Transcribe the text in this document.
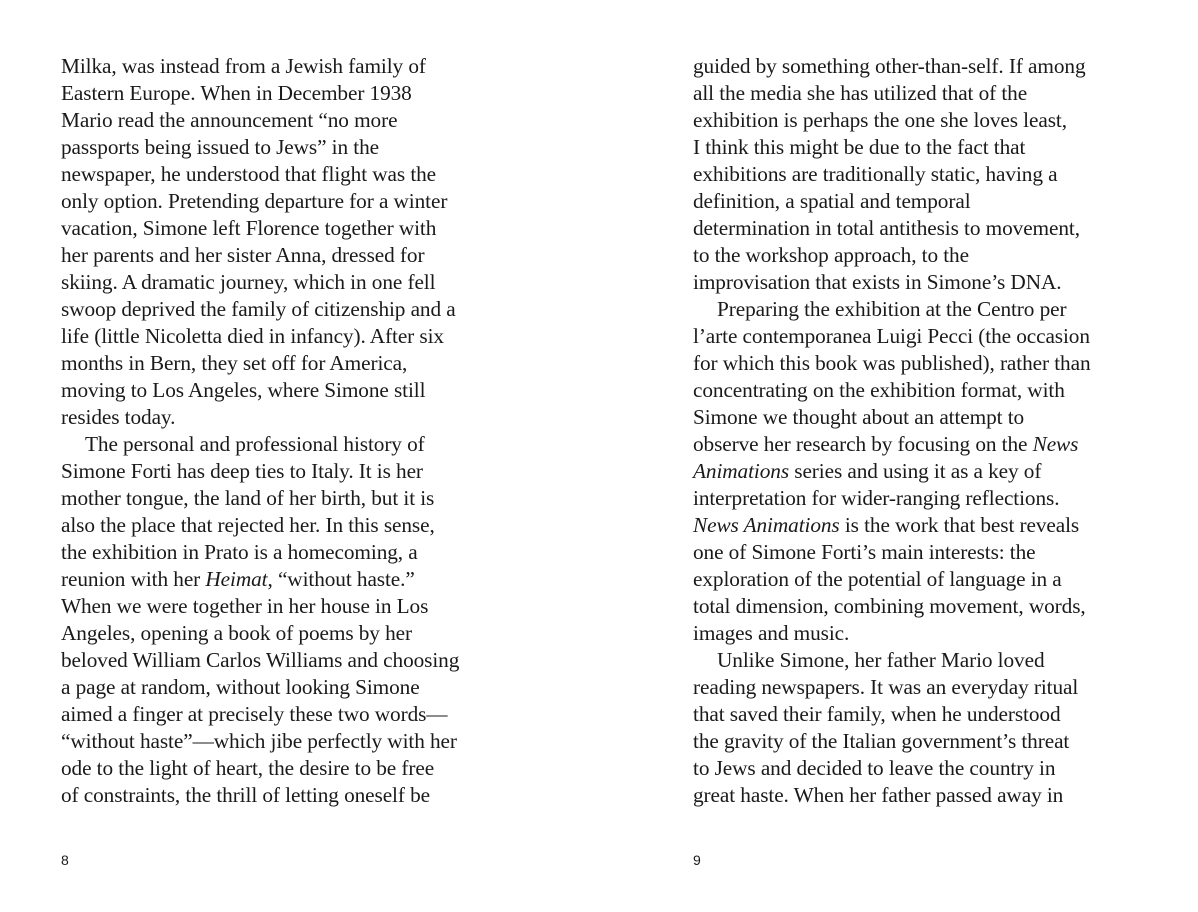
Milka, was instead from a Jewish family of
Eastern Europe. When in December 1938
Mario read the announcement “no more
passports being issued to Jews” in the
newspaper, he understood that flight was the
only option. Pretending departure for a winter
vacation, Simone left Florence together with
her parents and her sister Anna, dressed for
skiing. A dramatic journey, which in one fell
swoop deprived the family of citizenship and a
life (little Nicoletta died in infancy). After six
months in Bern, they set off for America,
moving to Los Angeles, where Simone still
resides today.
The personal and professional history of
Simone Forti has deep ties to Italy. It is her
mother tongue, the land of her birth, but it is
also the place that rejected her. In this sense,
the exhibition in Prato is a homecoming, a
reunion with her Heimat, “without haste.”
When we were together in her house in Los
Angeles, opening a book of poems by her
beloved William Carlos Williams and choosing
a page at random, without looking Simone
aimed a finger at precisely these two words—
“without haste”—which jibe perfectly with her
ode to the light of heart, the desire to be free
of constraints, the thrill of letting oneself be
8
guided by something other-than-self. If among
all the media she has utilized that of the
exhibition is perhaps the one she loves least,
I think this might be due to the fact that
exhibitions are traditionally static, having a
definition, a spatial and temporal
determination in total antithesis to movement,
to the workshop approach, to the
improvisation that exists in Simone’s DNA.
Preparing the exhibition at the Centro per
l’arte contemporanea Luigi Pecci (the occasion
for which this book was published), rather than
concentrating on the exhibition format, with
Simone we thought about an attempt to
observe her research by focusing on the News
Animations series and using it as a key of
interpretation for wider-ranging reflections.
News Animations is the work that best reveals
one of Simone Forti’s main interests: the
exploration of the potential of language in a
total dimension, combining movement, words,
images and music.
Unlike Simone, her father Mario loved
reading newspapers. It was an everyday ritual
that saved their family, when he understood
the gravity of the Italian government’s threat
to Jews and decided to leave the country in
great haste. When her father passed away in
9
